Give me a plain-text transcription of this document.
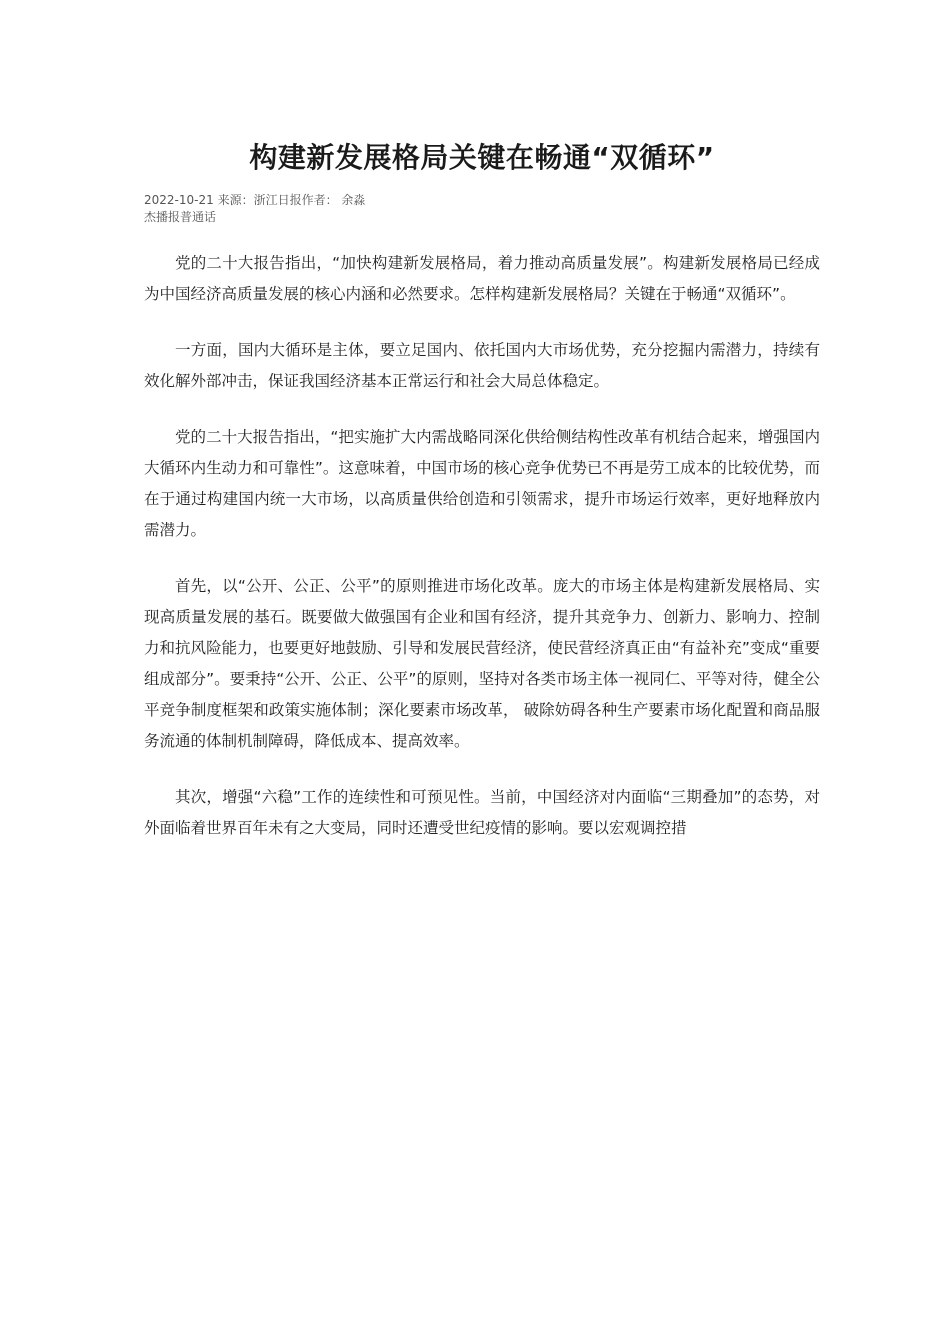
构建新发展格局关键在畅通“双循环”
2022-10-21 来源：浙江日报作者： 余淼
杰播报普通话

党的二十大报告指出，“加快构建新发展格局，着力推动高质量发展”。构建新发展格局已经成为中国经济高质量发展的核心内涵和必然要求。怎样构建新发展格局？关键在于畅通“双循环”。

一方面，国内大循环是主体，要立足国内、依托国内大市场优势，充分挖掘内需潜力，持续有效化解外部冲击，保证我国经济基本正常运行和社会大局总体稳定。

党的二十大报告指出，“把实施扩大内需战略同深化供给侧结构性改革有机结合起来，增强国内大循环内生动力和可靠性”。这意味着，中国市场的核心竞争优势已不再是劳工成本的比较优势，而在于通过构建国内统一大市场，以高质量供给创造和引领需求，提升市场运行效率，更好地释放内需潜力。

首先，以“公开、公正、公平”的原则推进市场化改革。庞大的市场主体是构建新发展格局、实现高质量发展的基石。既要做大做强国有企业和国有经济，提升其竞争力、创新力、影响力、控制力和抗风险能力，也要更好地鼓励、引导和发展民营经济，使民营经济真正由“有益补充”变成“重要组成部分”。要秉持“公开、公正、公平”的原则，坚持对各类市场主体一视同仁、平等对待，健全公平竞争制度框架和政策实施体制；深化要素市场改革， 破除妨碍各种生产要素市场化配置和商品服务流通的体制机制障碍，降低成本、提高效率。

其次，增强“六稳”工作的连续性和可预见性。当前，中国经济对内面临“三期叠加”的态势，对外面临着世界百年未有之大变局，同时还遭受世纪疫情的影响。要以宏观调控措
